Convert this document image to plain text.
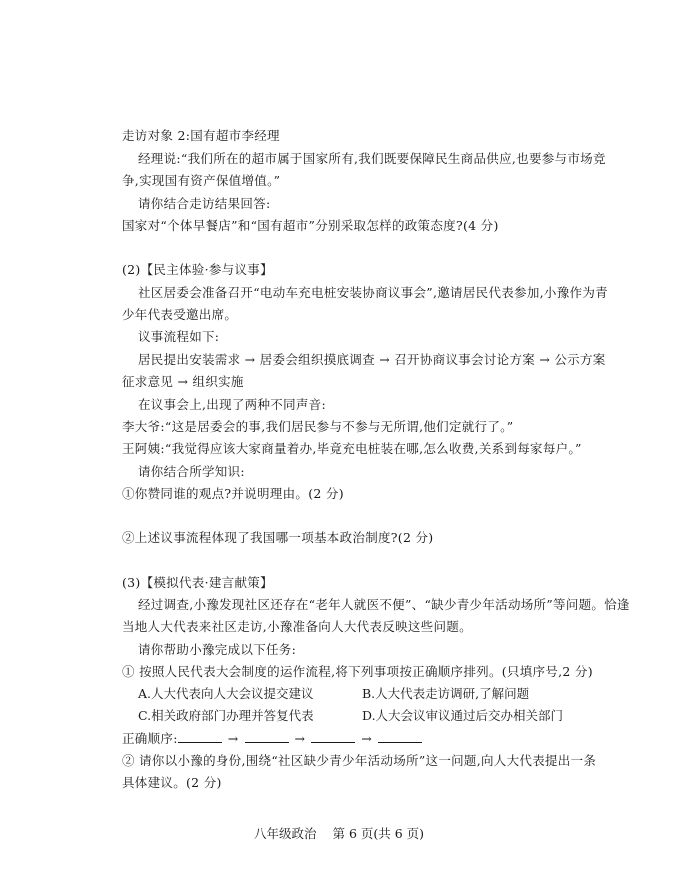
走访对象 2:国有超市李经理
经理说:“我们所在的超市属于国家所有,我们既要保障民生商品供应,也要参与市场竞
争,实现国有资产保值增值。”
请你结合走访结果回答:
国家对“个体早餐店”和“国有超市”分别采取怎样的政策态度?(4 分)
(2)【民主体验·参与议事】
社区居委会准备召开“电动车充电桩安装协商议事会”,邀请居民代表参加,小豫作为青
少年代表受邀出席。
议事流程如下:
居民提出安装需求 → 居委会组织摸底调查 → 召开协商议事会讨论方案 → 公示方案
征求意见 → 组织实施
在议事会上,出现了两种不同声音:
李大爷:“这是居委会的事,我们居民参与不参与无所谓,他们定就行了。”
王阿姨:“我觉得应该大家商量着办,毕竟充电桩装在哪,怎么收费,关系到每家每户。”
请你结合所学知识:
①你赞同谁的观点?并说明理由。(2 分)
②上述议事流程体现了我国哪一项基本政治制度?(2 分)
(3)【模拟代表·建言献策】
经过调查,小豫发现社区还存在“老年人就医不便”、“缺少青少年活动场所”等问题。恰逢
当地人大代表来社区走访,小豫准备向人大代表反映这些问题。
请你帮助小豫完成以下任务:
① 按照人民代表大会制度的运作流程,将下列事项按正确顺序排列。(只填序号,2 分)
A.人大代表向人大会议提交建议	B.人大代表走访调研,了解问题
C.相关政府部门办理并答复代表	D.人大会议审议通过后交办相关部门
正确顺序:	→	→	→
② 请你以小豫的身份,围绕“社区缺少青少年活动场所”这一问题,向人大代表提出一条
具体建议。(2 分)
八年级政治 第 6 页(共 6 页)
